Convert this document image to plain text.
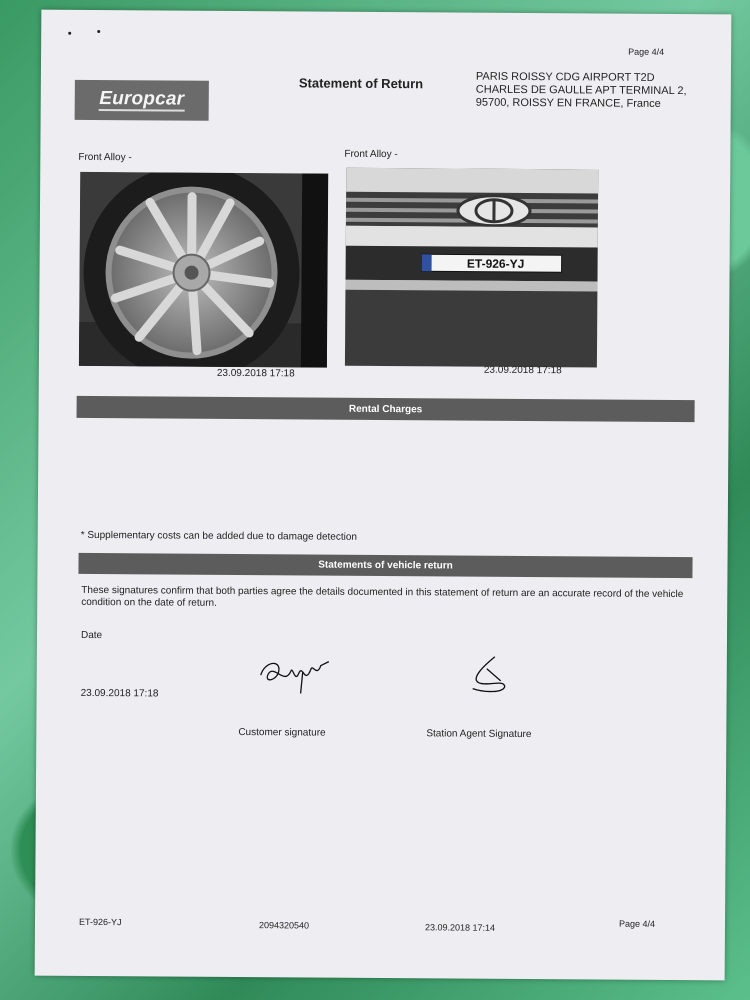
Page 4/4
Europcar
Statement of Return	PARIS ROISSY CDG AIRPORT T2D
CHARLES DE GAULLE APT TERMINAL 2,
95700, ROISSY EN FRANCE, France
Front Alloy -
23.09.2018 17:18
Front Alloy -
ET-926-YJ
23.09.2018 17:18
Rental Charges
* Supplementary costs can be added due to damage detection
Statements of vehicle return
These signatures confirm that both parties agree the details documented in this statement of return are an accurate record of the vehicle condition on the date of return.
Date
23.09.2018 17:18
Customer signature	Station Agent Signature
ET-926-YJ	2094320540	23.09.2018 17:14	Page 4/4
